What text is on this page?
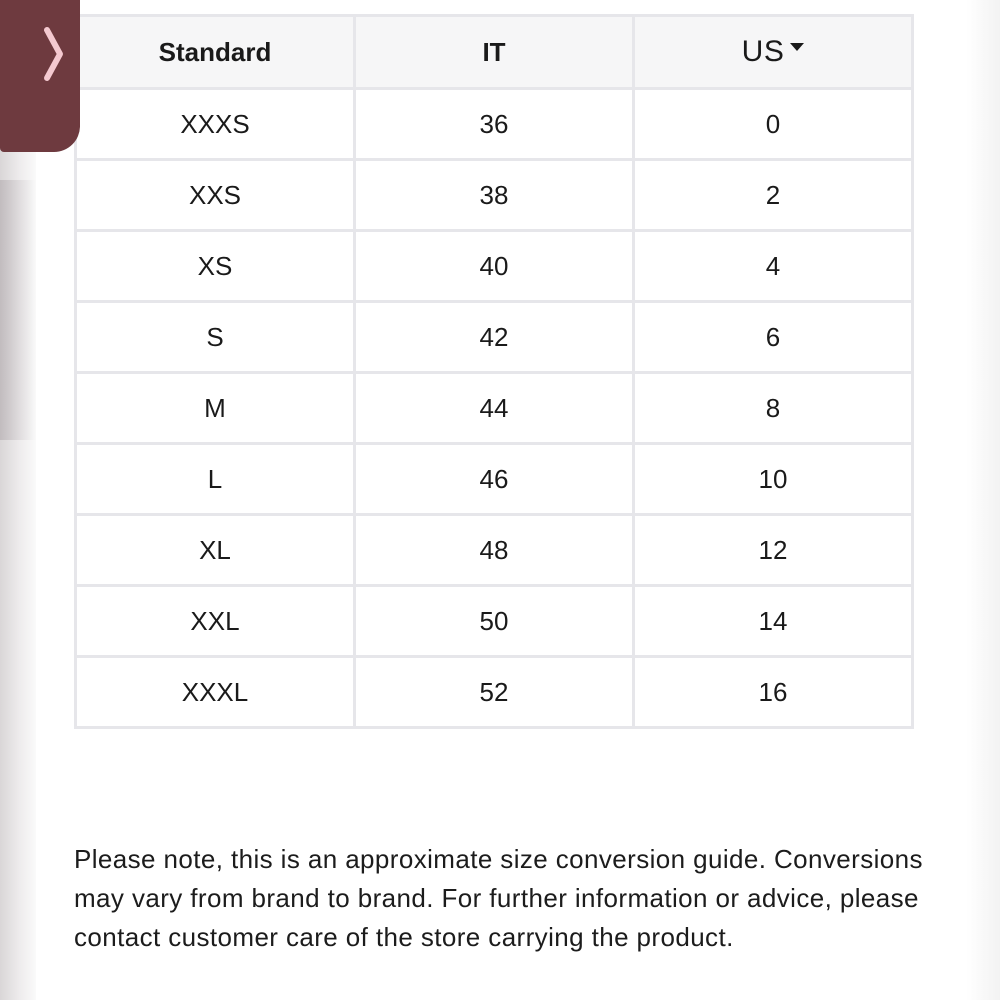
Standard	IT	US
XXXS	36	0
XXS	38	2
XS	40	4
S	42	6
M	44	8
L	46	10
XL	48	12
XXL	50	14
XXXL	52	16

Please note, this is an approximate size conversion guide. Conversions may vary from brand to brand. For further information or advice, please contact customer care of the store carrying the product.
